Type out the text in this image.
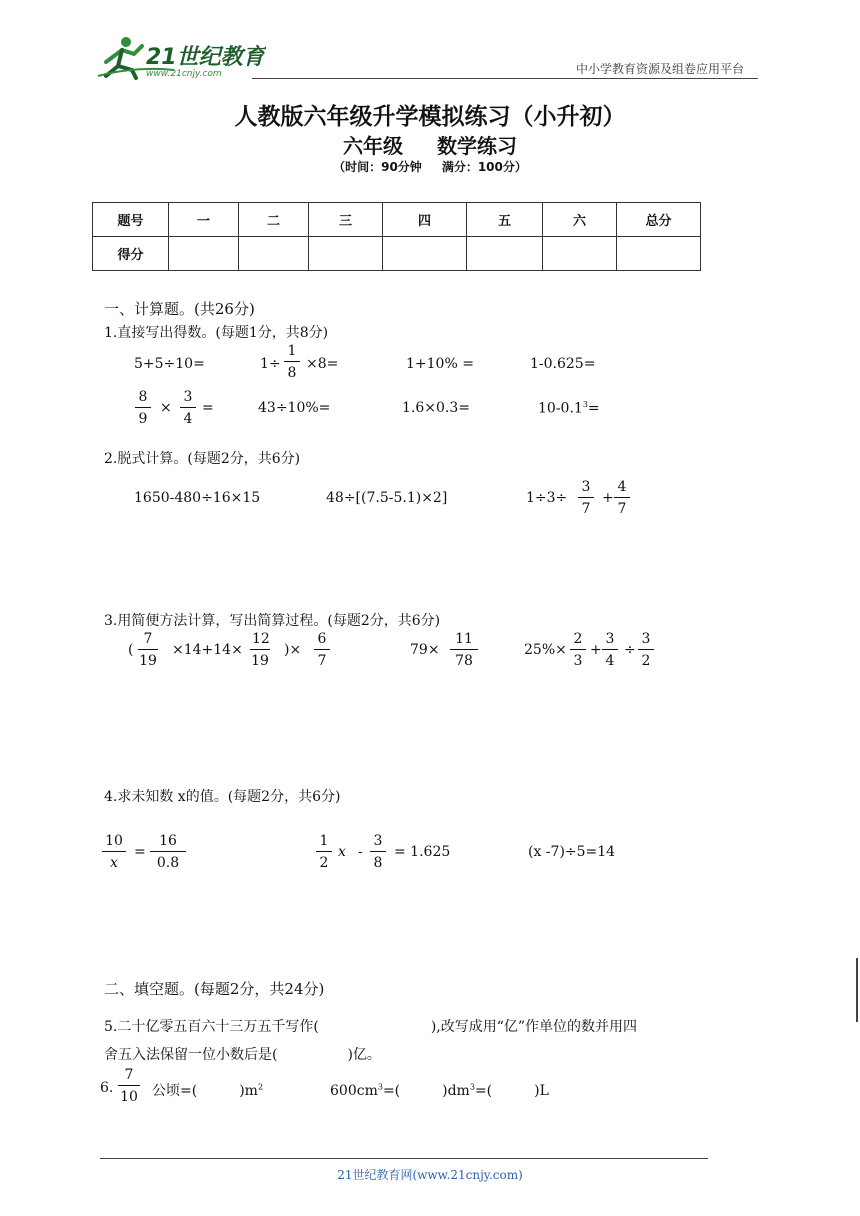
21世纪教育
www.21cnjy.com	中小学教育资源及组卷应用平台
人教版六年级升学模拟练习（小升初）
六年级 数学练习
（时间：90分钟 满分：100分）
题号	一	二	三	四	五	六	总分
得分							
一、计算题。(共26分)
1.直接写出得数。(每题1分，共8分)
5+5÷10=	1÷
1
8
×8=	1+10% =	1-0.625=
8
9
×
3
4
=	43÷10%=	1.6×0.3=	$10-0.1^3=$
2.脱式计算。(每题2分，共6分)
1650-480÷16×15	48÷[(7.5-5.1)×2]	1÷3÷
3
7
+
4
7
3.用简便方法计算，写出简算过程。(每题2分，共6分)
(
7
19
×14+14×
12
19
)×
6
7
79×
11
78
25%×
2
3
+
3
4
÷
3
2
4.求未知数 x的值。(每题2分，共6分)
10
x
=
16
0.8
1
2
x -
3
8
= 1.625	(x -7)÷5=14
二、填空题。(每题2分，共24分)
5.二十亿零五百六十三万五千写作(　　　　　　　　),改写成用“亿”作单位的数并用四
舍五入法保留一位小数后是(　　　　　)亿。
6.
7
10 公顷=(　　　)$m^2$	$600cm^3=$(　　　)$dm^3=$(　　　)L
21世纪教育网(www.21cnjy.com)
